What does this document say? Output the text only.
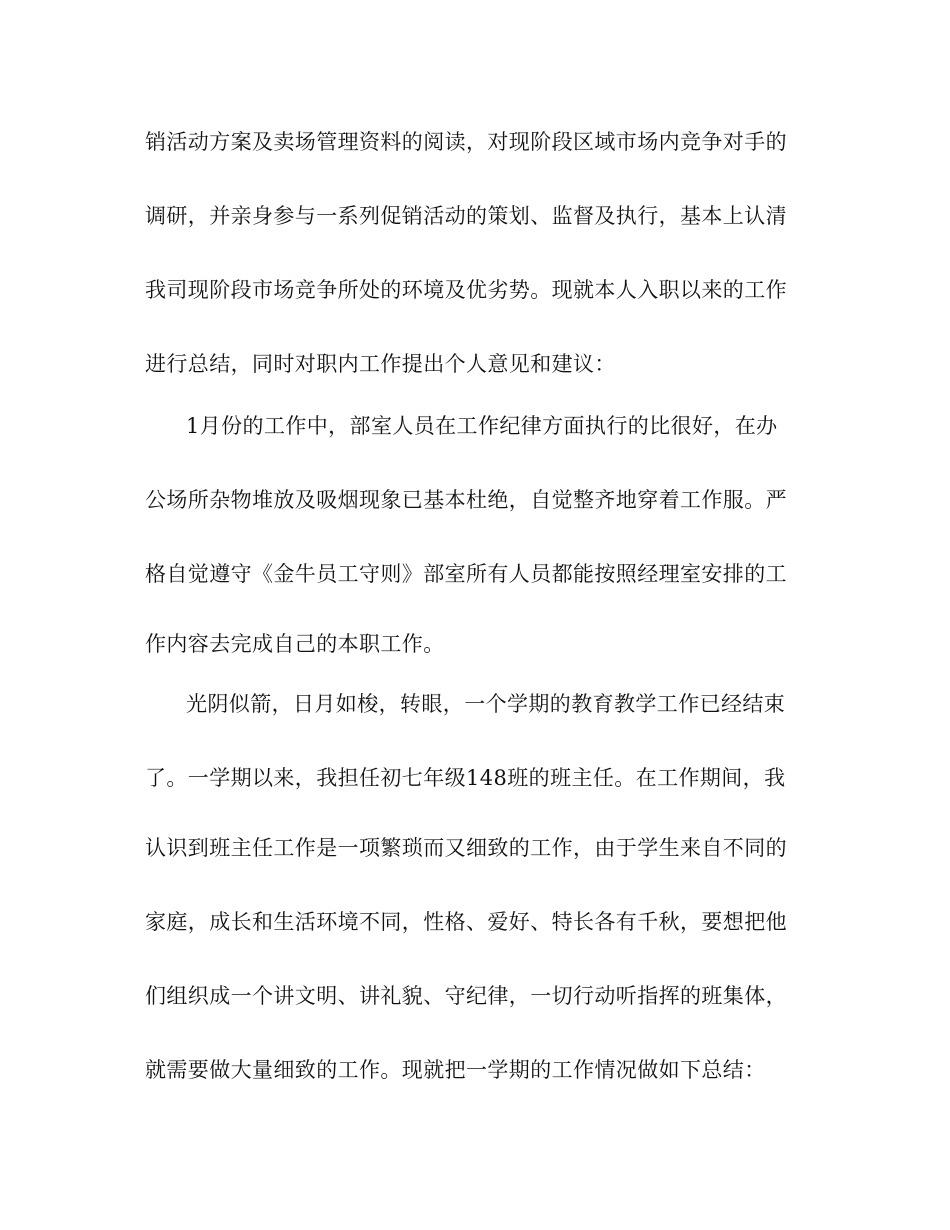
销活动方案及卖场管理资料的阅读，对现阶段区域市场内竞争对手的
调研，并亲身参与一系列促销活动的策划、监督及执行，基本上认清
我司现阶段市场竞争所处的环境及优劣势。现就本人入职以来的工作
进行总结，同时对职内工作提出个人意见和建议：
1月份的工作中，部室人员在工作纪律方面执行的比很好，在办
公场所杂物堆放及吸烟现象已基本杜绝，自觉整齐地穿着工作服。严
格自觉遵守《金牛员工守则》部室所有人员都能按照经理室安排的工
作内容去完成自己的本职工作。
光阴似箭，日月如梭，转眼，一个学期的教育教学工作已经结束
了。一学期以来，我担任初七年级148班的班主任。在工作期间，我
认识到班主任工作是一项繁琐而又细致的工作，由于学生来自不同的
家庭，成长和生活环境不同，性格、爱好、特长各有千秋，要想把他
们组织成一个讲文明、讲礼貌、守纪律，一切行动听指挥的班集体，
就需要做大量细致的工作。现就把一学期的工作情况做如下总结：
